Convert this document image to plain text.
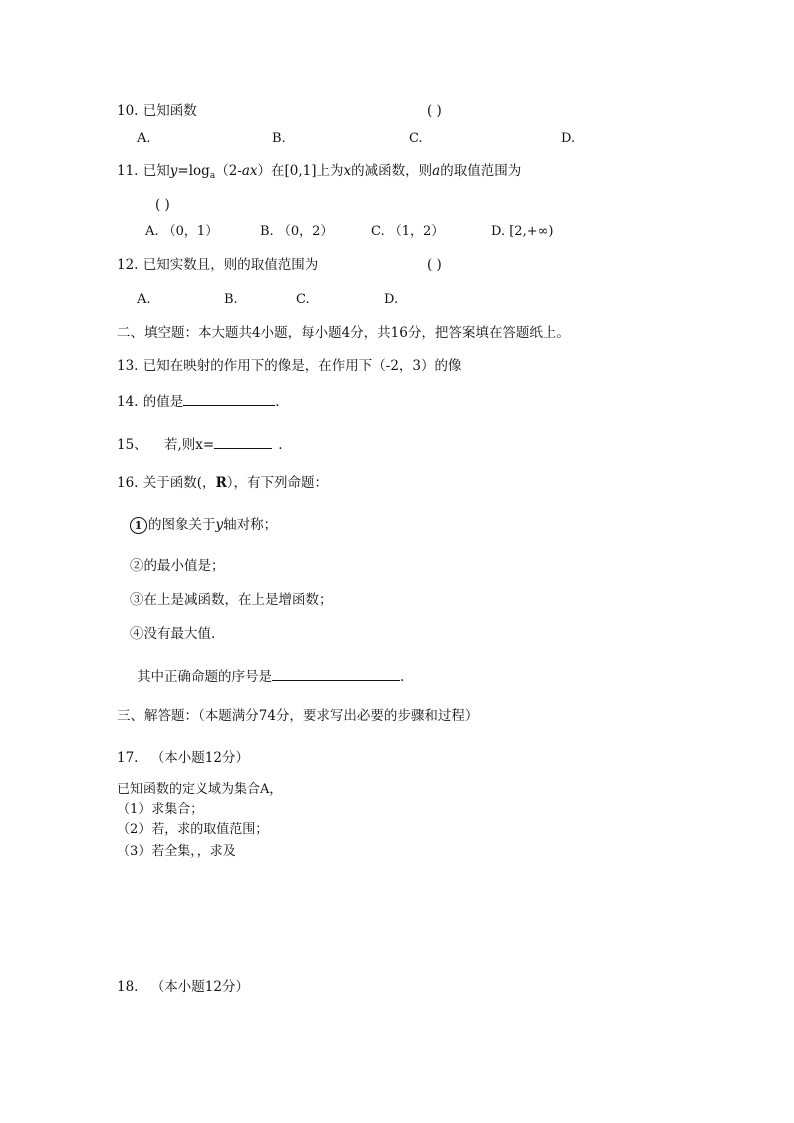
10. 已知函数	( )
A.	B.	C.	D.
11. 已知$y=\log_a(2-ax)$在[0,1]上为x的减函数，则a的取值范围为
( )
A. （0，1）	B. （0，2）	C. （1，2）	D. [2,+∞)
12. 已知实数且，则的取值范围为	( )
A.	B.	C.	D.
二、填空题：本大题共4小题，每小题4分，共16分，把答案填在答题纸上。
13. 已知在映射的作用下的像是，在作用下（-2，3）的像
14. 的值是	.
15、 若,则x=	.
16. 关于函数(，R），有下列命题：
1 的图象关于y轴对称；
②的最小值是；
③在上是减函数，在上是增函数；
④没有最大值.
其中正确命题的序号是	.
三、解答题：（本题满分74分，要求写出必要的步骤和过程）
17. （本小题12分）
已知函数的定义域为集合A，
（1）求集合；
（2）若，求的取值范围；
（3）若全集，，求及
18. （本小题12分）
